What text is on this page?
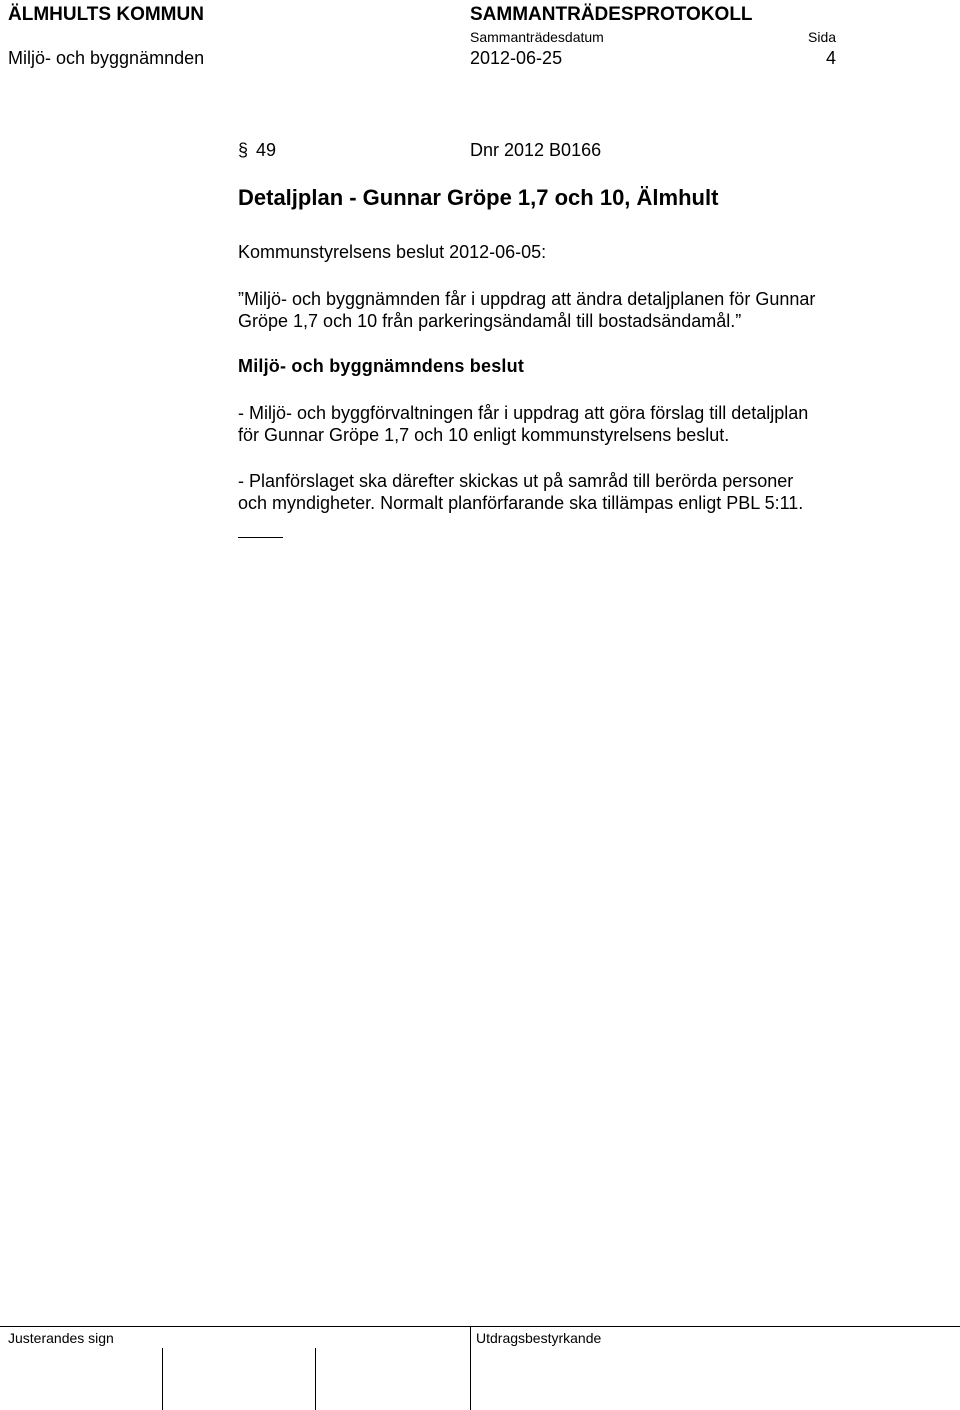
ÄLMHULTS KOMMUN	SAMMANTRÄDESPROTOKOLL
Sammanträdesdatum	Sida
Miljö- och byggnämnden	2012-06-25	4
§ 49	Dnr 2012 B0166
Detaljplan - Gunnar Gröpe 1,7 och 10, Älmhult
Kommunstyrelsens beslut 2012-06-05:
”Miljö- och byggnämnden får i uppdrag att ändra detaljplanen för Gunnar
Gröpe 1,7 och 10 från parkeringsändamål till bostadsändamål.”
Miljö- och byggnämndens beslut
- Miljö- och byggförvaltningen får i uppdrag att göra förslag till detaljplan
för Gunnar Gröpe 1,7 och 10 enligt kommunstyrelsens beslut.
- Planförslaget ska därefter skickas ut på samråd till berörda personer
och myndigheter. Normalt planförfarande ska tillämpas enligt PBL 5:11.
Justerandes sign	Utdragsbestyrkande
